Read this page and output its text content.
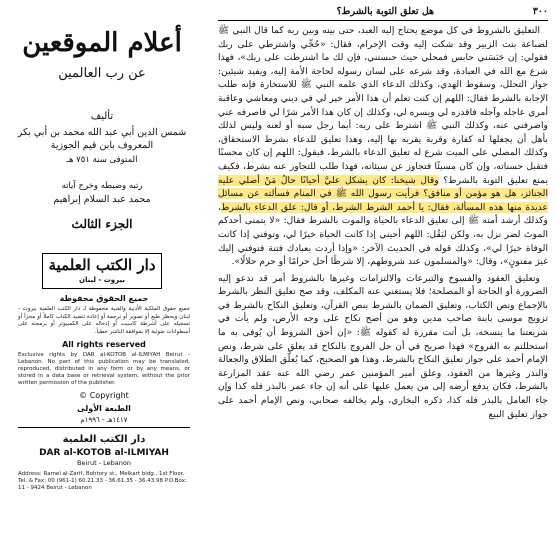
أعلام الموقعين
عن رب العالمين
تأليف
شمس الدين أبي عبد الله محمد بن أبي بكر المعروف بابن قيم الجوزية
المتوفى سنة ٧٥١ هـ
رتبه وضبطه وخرج آياته
محمد عبد السلام إبراهيم
الجزء الثالث
دار الكتب العلمية
بيروت - لبنان
جميع الحقوق محفوظة
جميع حقوق الملكية الأدبية والفنية محفوظة لـ دار الكتب العلمية بيروت - لبنان ويحظر طبع أو تصوير أو ترجمة أو إعادة تنضيد الكتاب كاملاً أو مجزأ أو تسجيله على أشرطة كاسيت أو إدخاله على الكمبيوتر أو برمجته على أسطوانات ضوئية إلا بموافقة الناشر خطياً.
All rights reserved
Exclusive rights by DAR al-KOTOB al-ILMIYAH Beirut - Lebanon. No part of this publication may be translated, reproduced, distributed in any form or by any means, or stored in a data base or retrieval system, without the prior written permission of the publisher.
© Copyright
الطبعة الأولى
١٤١٧هـ - ١٩٩٦م
دار الكتب العلمية
DAR al-KOTOB al-ILMIYAH
Beirut - Lebanon
Address: Ramel al-Zarif, Bohtory st., Melkart bldg., 1st Floor. Tel. & Fax: 00 (961-1) 60.21.33 - 36.61.35 - 36.43.98 P.O.Box: 11 - 9424 Beirut - Lebanon
٣٠٠
هل تعلق التوبة بالشرط؟

التعليق بالشروط في كل موضع يحتاج إليه العبد، حتى بينه وبين ربه كما قال النبي ﷺ لضباعة بنت الزبير وقد شكت إليه وقت الإحرام، فقال: «حُجِّي واشترطي على ربك فقولي: إن حَبَسَني حابس فمحلي حيث حبستني، فإن لك ما اشترطت على ربك»، فهذا شرع مع الله في العبادة، وقد شرعه على لسان رسوله لحاجة الأمة إليه، ويفيد شيئين: جواز التحلل، وسقوط الهدي، وكذلك الدعاء الذي علمه النبي ﷺ للاستخارة فإنه طلب الإجابة بالشرط فقال: اللهم إن كنت تعلم أن هذا الأمر خير لي في ديني ومعاشي وعاقبة أمري عاجله وآجله فاقدره لي ويسره لي، وكذلك إن كان هذا الأمر شرًا لي فاصرفه عني واصرفني عنه، وكذلك النبي ﷺ اشترط على ربه: أيما رجل سبه أو لعنه وليس لذلك بأهل أن يجعلها له كفارة وقربة يقربه بها إليه، وهذا تعليق للدعاء بشرط الاستحقاق، وكذلك المصلي على الميت شرع له تعليق الدعاء بالشرط، فيقول: اللهم إن كان محسنًا فتقبل حسناته، وإن كان مسيئًا فتجاوز عن سيئاته، فهذا طلب للتجاوز عنه بشرط، فكيف يمنع تعليق التوبة بالشرط؟ وقال شيخنا: كان يشكل عليَّ أحيانًا حالُ مَنْ أصلي عليه الجنائز، هل هو مؤمن أو منافق؟ فرأيت رسول الله ﷺ في المنام فسألته عن مسائل عديدة منها هذه المسألة، فقال: يا أحمد الشرط الشرط، أو قال: علق الدعاء بالشرط، وكذلك أرشد أمته ﷺ إلى تعليق الدعاء بالحياة والموت بالشرط فقال: «لا يتمنى أحدكم الموتَ لضر نزل به، ولكن ليَقُل: اللهم أحيني إذا كانت الحياة خيرًا لي، وتوفني إذا كانت الوفاة خيرًا لي»، وكذلك قوله في الحديث الآخر: «وإذا أردت بعبادك فتنة فتوفني إليك غيرَ مفتونٍ»، وقال: «والمسلمون عند شروطهم، إلا شرطًا أحل حرامًا أو حرم حلالًا».

وتعليق العقود والفسوخ والتبرعات والالتزامات وغيرها بالشروط أمر قد تدعو إليه الضرورة أو الحاجة أو المصلحة؛ فلا يستغني عنه المكلف، وقد صح تعليق النظر بالشرط بالإجماع ونص الكتاب، وتعليق الضمان بالشرط بنص القرآن، وتعليق النكاح بالشرط في تزويج موسى بابنة صاحب مدين وهو من أصح نكاح على وجه الأرض، ولم يأت في شريعتنا ما ينسخه، بل أتت مقررة له كقوله ﷺ: «إن أحق الشروط أن يُوفى به ما استحللتم به الفروج» فهذا صريح في أن حل الفروج بالنكاح قد يعلق على شرط، ونص الإمام أحمد على جواز تعليق النكاح بالشرط، وهذا هو الصحيح، كما يُعلَّق الطلاق والجعالة والنذر وغيرها من العقود، وعلق أمير المؤمنين عمر رضي الله عنه عقد المزارعة بالشرط، فكان يدفع أرضه إلى من يعمل عليها على أنه إن جاء عمر بالبذر فله كذا وإن جاء العامل بالبذر فله كذا، ذكره البخاري، ولم يخالفه صحابي، ونص الإمام أحمد على جواز تعليق البيع
